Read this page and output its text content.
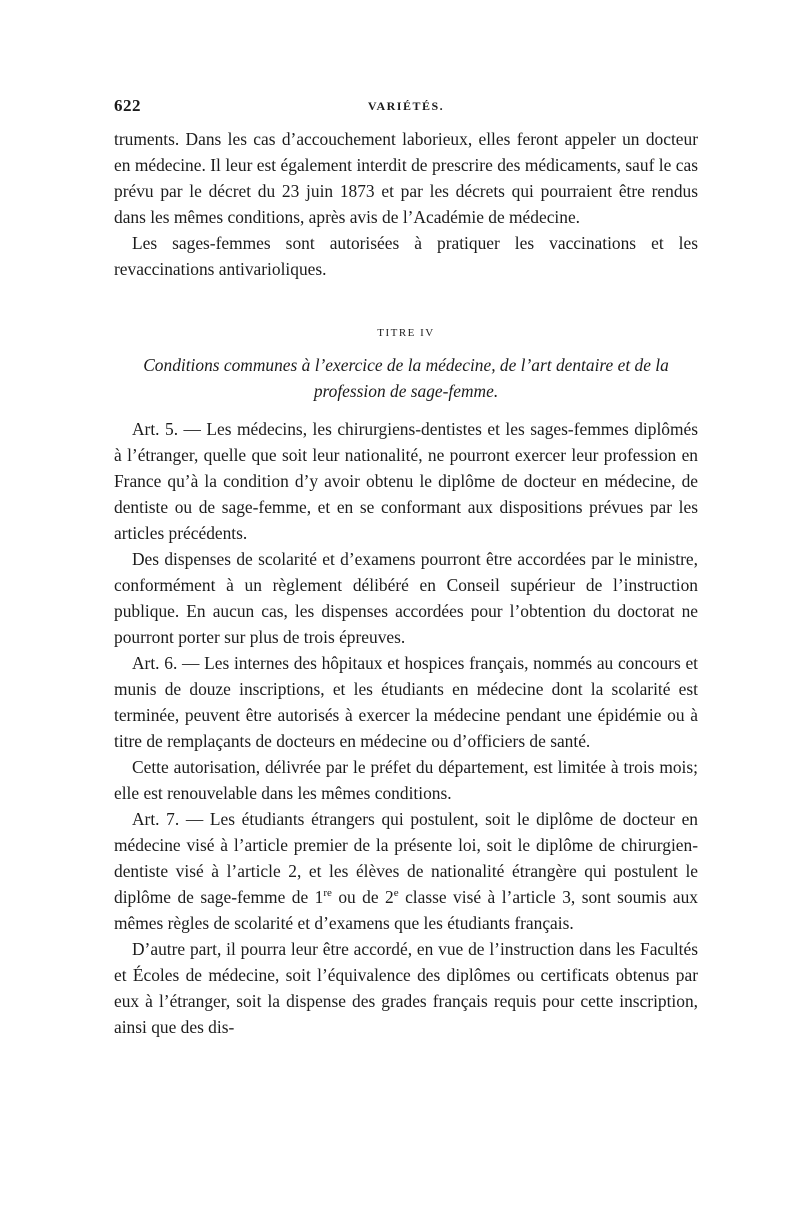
622	VARIÉTÉS.

truments. Dans les cas d’accouchement laborieux, elles feront appeler un docteur en médecine. Il leur est également interdit de prescrire des médicaments, sauf le cas prévu par le décret du 23 juin 1873 et par les décrets qui pourraient être rendus dans les mêmes conditions, après avis de l’Académie de médecine.

Les sages-femmes sont autorisées à pratiquer les vaccinations et les revaccinations antivarioliques.

TITRE IV

Conditions communes à l’exercice de la médecine, de l’art dentaire et de la profession de sage-femme.

Art. 5. — Les médecins, les chirurgiens-dentistes et les sages-femmes diplômés à l’étranger, quelle que soit leur nationalité, ne pourront exercer leur profession en France qu’à la condition d’y avoir obtenu le diplôme de docteur en médecine, de dentiste ou de sage-femme, et en se conformant aux dispositions prévues par les articles précédents.

Des dispenses de scolarité et d’examens pourront être accordées par le ministre, conformément à un règlement délibéré en Conseil supérieur de l’instruction publique. En aucun cas, les dispenses accordées pour l’obtention du doctorat ne pourront porter sur plus de trois épreuves.

Art. 6. — Les internes des hôpitaux et hospices français, nommés au concours et munis de douze inscriptions, et les étudiants en médecine dont la scolarité est terminée, peuvent être autorisés à exercer la médecine pendant une épidémie ou à titre de remplaçants de docteurs en médecine ou d’officiers de santé.

Cette autorisation, délivrée par le préfet du département, est limitée à trois mois; elle est renouvelable dans les mêmes conditions.

Art. 7. — Les étudiants étrangers qui postulent, soit le diplôme de docteur en médecine visé à l’article premier de la présente loi, soit le diplôme de chirurgien-dentiste visé à l’article 2, et les élèves de nationalité étrangère qui postulent le diplôme de sage-femme de 1re ou de 2e classe visé à l’article 3, sont soumis aux mêmes règles de scolarité et d’examens que les étudiants français.

D’autre part, il pourra leur être accordé, en vue de l’instruction dans les Facultés et Écoles de médecine, soit l’équivalence des diplômes ou certificats obtenus par eux à l’étranger, soit la dispense des grades français requis pour cette inscription, ainsi que des dis-
